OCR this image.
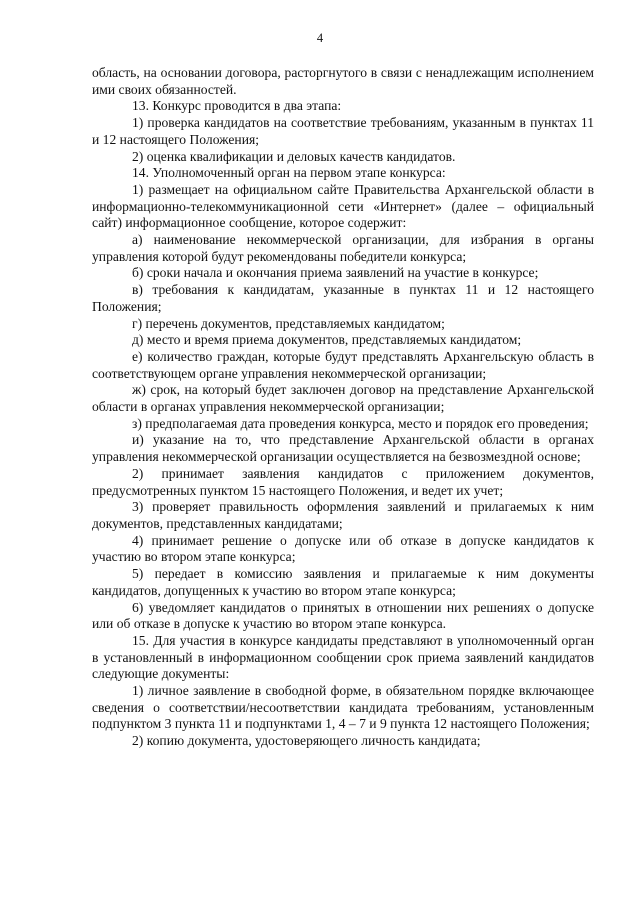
4

область, на основании договора, расторгнутого в связи с ненадлежащим исполнением ими своих обязанностей.

13. Конкурс проводится в два этапа:

1) проверка кандидатов на соответствие требованиям, указанным в пунктах 11 и 12 настоящего Положения;

2) оценка квалификации и деловых качеств кандидатов.

14. Уполномоченный орган на первом этапе конкурса:

1) размещает на официальном сайте Правительства Архангельской области в информационно-телекоммуникационной сети «Интернет» (далее – официальный сайт) информационное сообщение, которое содержит:

а) наименование некоммерческой организации, для избрания в органы управления которой будут рекомендованы победители конкурса;

б) сроки начала и окончания приема заявлений на участие в конкурсе;

в) требования к кандидатам, указанные в пунктах 11 и 12 настоящего Положения;

г) перечень документов, представляемых кандидатом;

д) место и время приема документов, представляемых кандидатом;

е) количество граждан, которые будут представлять Архангельскую область в соответствующем органе управления некоммерческой организации;

ж) срок, на который будет заключен договор на представление Архангельской области в органах управления некоммерческой организации;

з) предполагаемая дата проведения конкурса, место и порядок его проведения;

и) указание на то, что представление Архангельской области в органах управления некоммерческой организации осуществляется на безвозмездной основе;

2) принимает заявления кандидатов с приложением документов, предусмотренных пунктом 15 настоящего Положения, и ведет их учет;

3) проверяет правильность оформления заявлений и прилагаемых к ним документов, представленных кандидатами;

4) принимает решение о допуске или об отказе в допуске кандидатов к участию во втором этапе конкурса;

5) передает в комиссию заявления и прилагаемые к ним документы кандидатов, допущенных к участию во втором этапе конкурса;

6) уведомляет кандидатов о принятых в отношении них решениях о допуске или об отказе в допуске к участию во втором этапе конкурса.

15. Для участия в конкурсе кандидаты представляют в уполномоченный орган в установленный в информационном сообщении срок приема заявлений кандидатов следующие документы:

1) личное заявление в свободной форме, в обязательном порядке включающее сведения о соответствии/несоответствии кандидата требованиям, установленным подпунктом 3 пункта 11 и подпунктами 1, 4 – 7 и 9 пункта 12 настоящего Положения;

2) копию документа, удостоверяющего личность кандидата;
